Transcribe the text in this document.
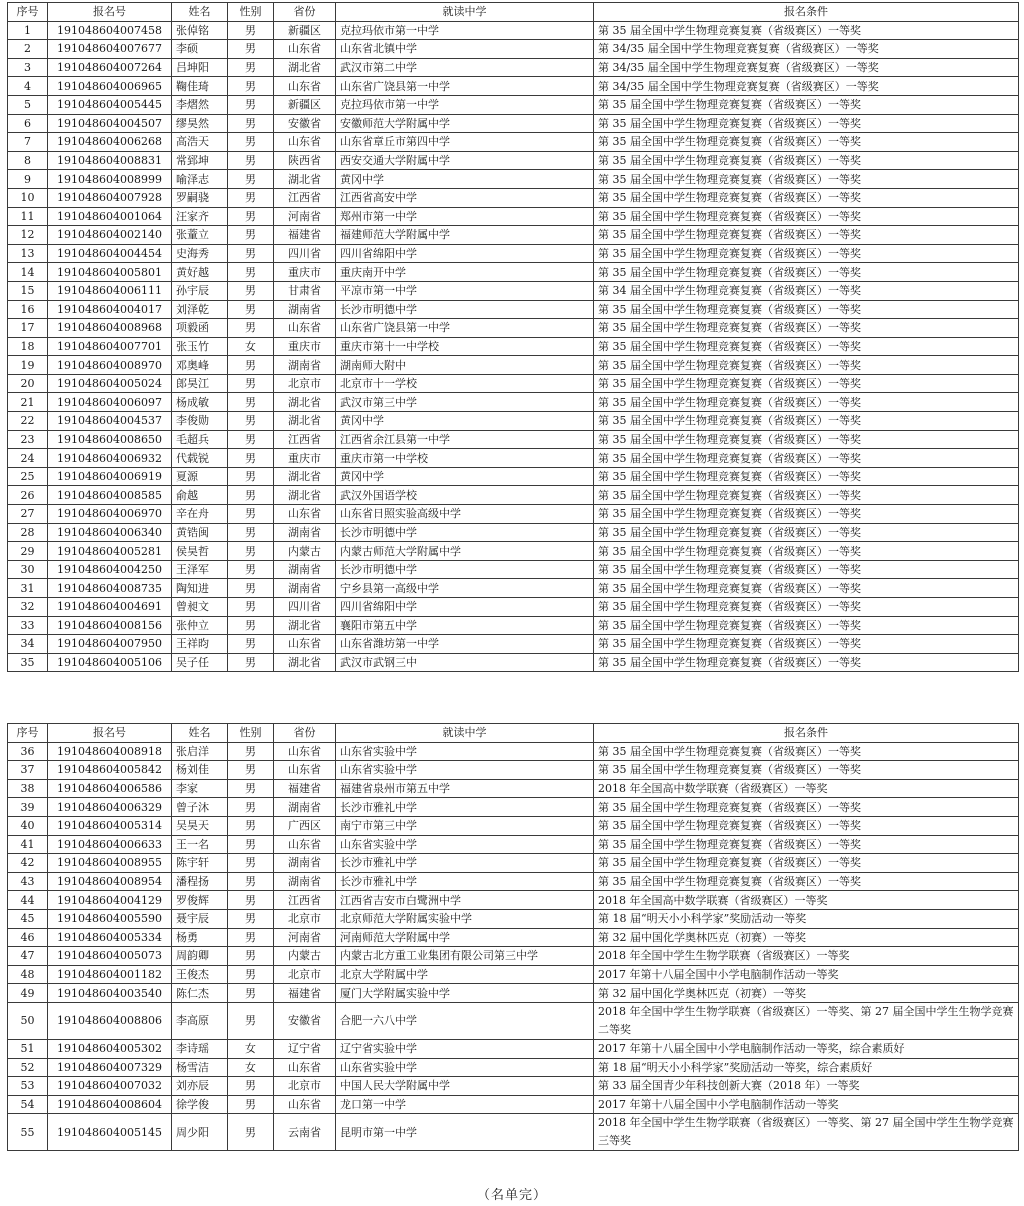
序号	报名号	姓名	性别	省份	就读中学	报名条件
1	191048604007458	张倬铭	男	新疆区	克拉玛依市第一中学	第 35 届全国中学生物理竞赛复赛（省级赛区）一等奖
2	191048604007677	李硕	男	山东省	山东省北镇中学	第 34/35 届全国中学生物理竞赛复赛（省级赛区）一等奖
3	191048604007264	吕坤阳	男	湖北省	武汉市第二中学	第 34/35 届全国中学生物理竞赛复赛（省级赛区）一等奖
4	191048604006965	鞠佳琦	男	山东省	山东省广饶县第一中学	第 34/35 届全国中学生物理竞赛复赛（省级赛区）一等奖
5	191048604005445	李熠然	男	新疆区	克拉玛依市第一中学	第 35 届全国中学生物理竞赛复赛（省级赛区）一等奖
6	191048604004507	缪昊然	男	安徽省	安徽师范大学附属中学	第 35 届全国中学生物理竞赛复赛（省级赛区）一等奖
7	191048604006268	高浩天	男	山东省	山东省章丘市第四中学	第 35 届全国中学生物理竞赛复赛（省级赛区）一等奖
8	191048604008831	常郅坤	男	陕西省	西安交通大学附属中学	第 35 届全国中学生物理竞赛复赛（省级赛区）一等奖
9	191048604008999	喻泽志	男	湖北省	黄冈中学	第 35 届全国中学生物理竞赛复赛（省级赛区）一等奖
10	191048604007928	罗嗣骁	男	江西省	江西省高安中学	第 35 届全国中学生物理竞赛复赛（省级赛区）一等奖
11	191048604001064	汪家齐	男	河南省	郑州市第一中学	第 35 届全国中学生物理竞赛复赛（省级赛区）一等奖
12	191048604002140	张蕫立	男	福建省	福建师范大学附属中学	第 35 届全国中学生物理竞赛复赛（省级赛区）一等奖
13	191048604004454	史海秀	男	四川省	四川省绵阳中学	第 35 届全国中学生物理竞赛复赛（省级赛区）一等奖
14	191048604005801	黄好越	男	重庆市	重庆南开中学	第 35 届全国中学生物理竞赛复赛（省级赛区）一等奖
15	191048604006111	孙宇辰	男	甘肃省	平凉市第一中学	第 34 届全国中学生物理竞赛复赛（省级赛区）一等奖
16	191048604004017	刘泽乾	男	湖南省	长沙市明德中学	第 35 届全国中学生物理竞赛复赛（省级赛区）一等奖
17	191048604008968	项毅函	男	山东省	山东省广饶县第一中学	第 35 届全国中学生物理竞赛复赛（省级赛区）一等奖
18	191048604007701	张玉竹	女	重庆市	重庆市第十一中学校	第 35 届全国中学生物理竞赛复赛（省级赛区）一等奖
19	191048604008970	邓奥峰	男	湖南省	湖南师大附中	第 35 届全国中学生物理竞赛复赛（省级赛区）一等奖
20	191048604005024	郎昊江	男	北京市	北京市十一学校	第 35 届全国中学生物理竞赛复赛（省级赛区）一等奖
21	191048604006097	杨成敏	男	湖北省	武汉市第三中学	第 35 届全国中学生物理竞赛复赛（省级赛区）一等奖
22	191048604004537	李俊勋	男	湖北省	黄冈中学	第 35 届全国中学生物理竞赛复赛（省级赛区）一等奖
23	191048604008650	毛超兵	男	江西省	江西省余江县第一中学	第 35 届全国中学生物理竞赛复赛（省级赛区）一等奖
24	191048604006932	代载锐	男	重庆市	重庆市第一中学校	第 35 届全国中学生物理竞赛复赛（省级赛区）一等奖
25	191048604006919	夏源	男	湖北省	黄冈中学	第 35 届全国中学生物理竞赛复赛（省级赛区）一等奖
26	191048604008585	俞越	男	湖北省	武汉外国语学校	第 35 届全国中学生物理竞赛复赛（省级赛区）一等奖
27	191048604006970	辛在舟	男	山东省	山东省日照实验高级中学	第 35 届全国中学生物理竞赛复赛（省级赛区）一等奖
28	191048604006340	黄锆闽	男	湖南省	长沙市明德中学	第 35 届全国中学生物理竞赛复赛（省级赛区）一等奖
29	191048604005281	侯昊哲	男	内蒙古	内蒙古师范大学附属中学	第 35 届全国中学生物理竞赛复赛（省级赛区）一等奖
30	191048604004250	王泽军	男	湖南省	长沙市明德中学	第 35 届全国中学生物理竞赛复赛（省级赛区）一等奖
31	191048604008735	陶知进	男	湖南省	宁乡县第一高级中学	第 35 届全国中学生物理竞赛复赛（省级赛区）一等奖
32	191048604004691	曾昶文	男	四川省	四川省绵阳中学	第 35 届全国中学生物理竞赛复赛（省级赛区）一等奖
33	191048604008156	张仲立	男	湖北省	襄阳市第五中学	第 35 届全国中学生物理竞赛复赛（省级赛区）一等奖
34	191048604007950	王祥昀	男	山东省	山东省潍坊第一中学	第 35 届全国中学生物理竞赛复赛（省级赛区）一等奖
35	191048604005106	吴子任	男	湖北省	武汉市武钢三中	第 35 届全国中学生物理竞赛复赛（省级赛区）一等奖
序号	报名号	姓名	性别	省份	就读中学	报名条件
36	191048604008918	张启洋	男	山东省	山东省实验中学	第 35 届全国中学生物理竞赛复赛（省级赛区）一等奖
37	191048604005842	杨刘佳	男	山东省	山东省实验中学	第 35 届全国中学生物理竞赛复赛（省级赛区）一等奖
38	191048604006586	李家	男	福建省	福建省泉州市第五中学	2018 年全国高中数学联赛（省级赛区）一等奖
39	191048604006329	曾子沐	男	湖南省	长沙市雅礼中学	第 35 届全国中学生物理竞赛复赛（省级赛区）一等奖
40	191048604005314	吴昊天	男	广西区	南宁市第三中学	第 35 届全国中学生物理竞赛复赛（省级赛区）一等奖
41	191048604006633	王一名	男	山东省	山东省实验中学	第 35 届全国中学生物理竞赛复赛（省级赛区）一等奖
42	191048604008955	陈宇轩	男	湖南省	长沙市雅礼中学	第 35 届全国中学生物理竞赛复赛（省级赛区）一等奖
43	191048604008954	潘程扬	男	湖南省	长沙市雅礼中学	第 35 届全国中学生物理竞赛复赛（省级赛区）一等奖
44	191048604004129	罗俊辉	男	江西省	江西省吉安市白鹭洲中学	2018 年全国高中数学联赛（省级赛区）一等奖
45	191048604005590	聂宇辰	男	北京市	北京师范大学附属实验中学	第 18 届“明天小小科学家”奖励活动一等奖
46	191048604005334	杨勇	男	河南省	河南师范大学附属中学	第 32 届中国化学奥林匹克（初赛）一等奖
47	191048604005073	周韵卿	男	内蒙古	内蒙古北方重工业集团有限公司第三中学	2018 年全国中学生生物学联赛（省级赛区）一等奖
48	191048604001182	王俊杰	男	北京市	北京大学附属中学	2017 年第十八届全国中小学电脑制作活动一等奖
49	191048604003540	陈仁杰	男	福建省	厦门大学附属实验中学	第 32 届中国化学奥林匹克（初赛）一等奖
50	191048604008806	李高原	男	安徽省	合肥一六八中学	2018 年全国中学生生物学联赛（省级赛区）一等奖、第 27 届全国中学生生物学竞赛二等奖
51	191048604005302	李诗瑶	女	辽宁省	辽宁省实验中学	2017 年第十八届全国中小学电脑制作活动一等奖，综合素质好
52	191048604007329	杨雪洁	女	山东省	山东省实验中学	第 18 届“明天小小科学家”奖励活动一等奖，综合素质好
53	191048604007032	刘亦辰	男	北京市	中国人民大学附属中学	第 33 届全国青少年科技创新大赛（2018 年）一等奖
54	191048604008604	徐学俊	男	山东省	龙口第一中学	2017 年第十八届全国中小学电脑制作活动一等奖
55	191048604005145	周少阳	男	云南省	昆明市第一中学	2018 年全国中学生生物学联赛（省级赛区）一等奖、第 27 届全国中学生生物学竞赛三等奖
（名单完）
